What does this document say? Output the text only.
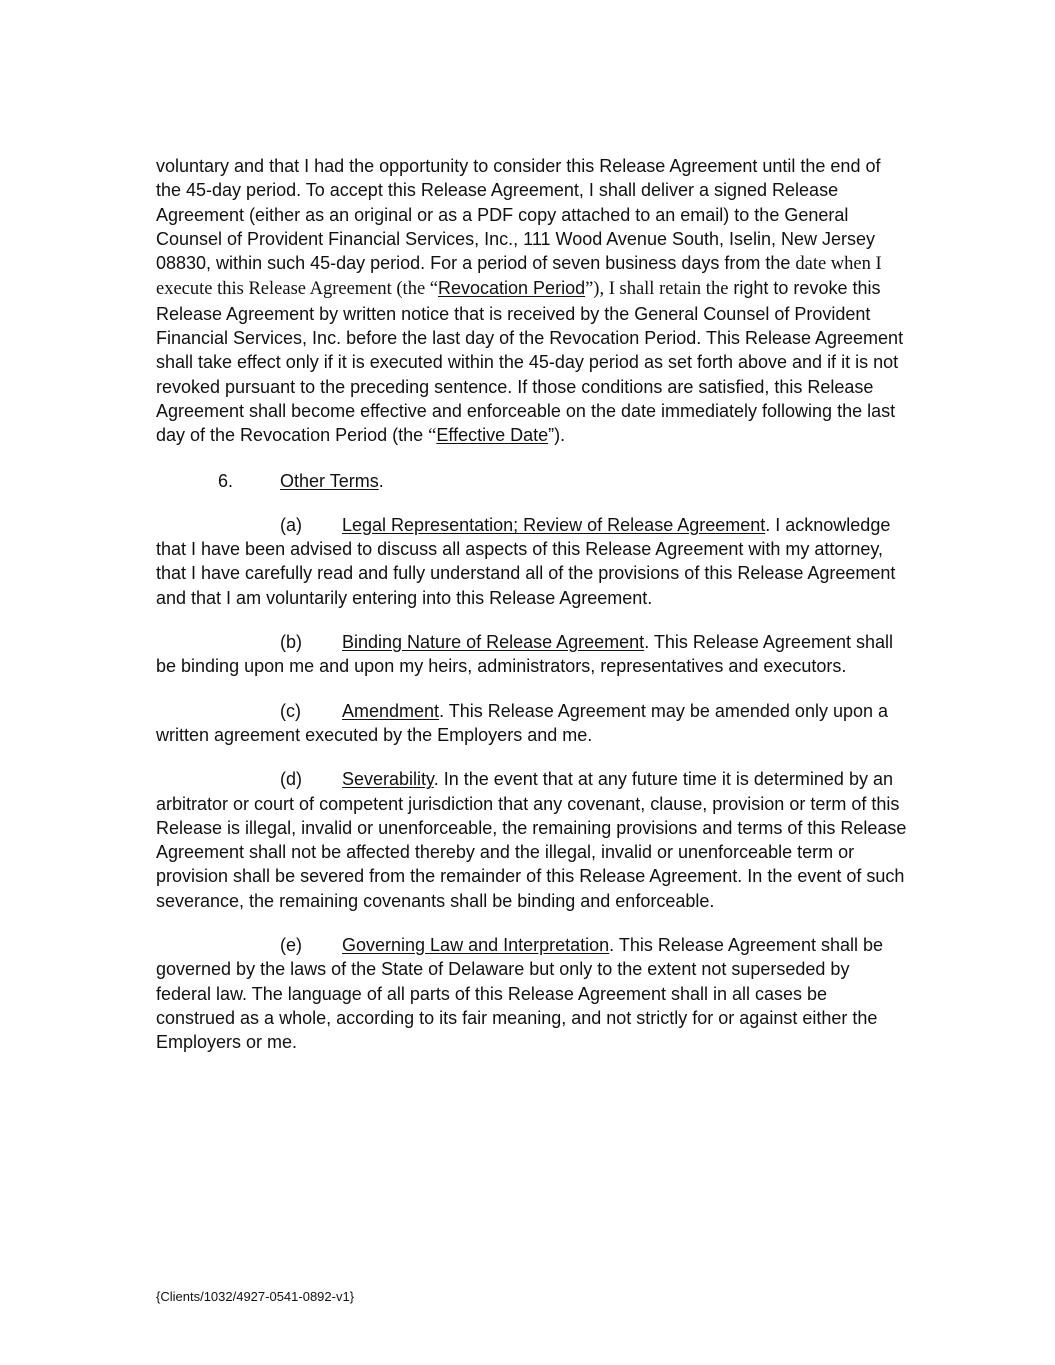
voluntary and that I had the opportunity to consider this Release Agreement until the end of the 45-day period. To accept this Release Agreement, I shall deliver a signed Release Agreement (either as an original or as a PDF copy attached to an email) to the General Counsel of Provident Financial Services, Inc., 111 Wood Avenue South, Iselin, New Jersey 08830, within such 45-day period. For a period of seven business days from the date when I execute this Release Agreement (the “Revocation Period”), I shall retain the right to revoke this Release Agreement by written notice that is received by the General Counsel of Provident Financial Services, Inc. before the last day of the Revocation Period. This Release Agreement shall take effect only if it is executed within the 45-day period as set forth above and if it is not revoked pursuant to the preceding sentence. If those conditions are satisfied, this Release Agreement shall become effective and enforceable on the date immediately following the last day of the Revocation Period (the “Effective Date”).

6.	Other Terms.

(a) Legal Representation; Review of Release Agreement. I acknowledge that I have been advised to discuss all aspects of this Release Agreement with my attorney, that I have carefully read and fully understand all of the provisions of this Release Agreement and that I am voluntarily entering into this Release Agreement.

(b) Binding Nature of Release Agreement. This Release Agreement shall be binding upon me and upon my heirs, administrators, representatives and executors.

(c) Amendment. This Release Agreement may be amended only upon a written agreement executed by the Employers and me.

(d) Severability. In the event that at any future time it is determined by an arbitrator or court of competent jurisdiction that any covenant, clause, provision or term of this Release is illegal, invalid or unenforceable, the remaining provisions and terms of this Release Agreement shall not be affected thereby and the illegal, invalid or unenforceable term or provision shall be severed from the remainder of this Release Agreement. In the event of such severance, the remaining covenants shall be binding and enforceable.

(e) Governing Law and Interpretation. This Release Agreement shall be governed by the laws of the State of Delaware but only to the extent not superseded by federal law. The language of all parts of this Release Agreement shall in all cases be construed as a whole, according to its fair meaning, and not strictly for or against either the Employers or me.

{Clients/1032/4927-0541-0892-v1}
